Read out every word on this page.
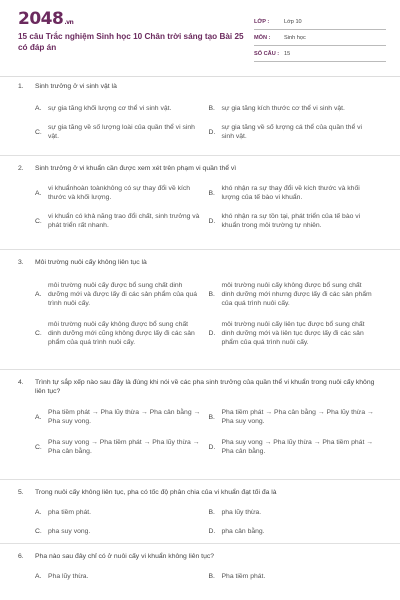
2048.vn
15 câu Trắc nghiệm Sinh học 10 Chân trời sáng tạo Bài 25 có đáp án
LỚP :	Lớp 10
MÔN :	Sinh học
SỐ CÂU : 15
1.	Sinh trưởng ở vi sinh vật là
A. sự gia tăng khối lượng cơ thể vi sinh vật.	B. sự gia tăng kích thước cơ thể vi sinh vật.
C.
sự gia tăng về số lượng loài của quần thể vi sinh vật.
D.
sự gia tăng về số lượng cá thể của quần thể vi sinh vật.
2.	Sinh trưởng ở vi khuẩn cần được xem xét trên phạm vi quần thể vì
A.
vi khuẩnhoàn toànkhông có sự thay đổi về kích thước và khối lượng.
B.
khó nhận ra sự thay đổi về kích thước và khối lượng của tế bào vi khuẩn.
C.
vi khuẩn có khả năng trao đổi chất, sinh trưởng và phát triển rất nhanh.
D.
khó nhận ra sự tồn tại, phát triển của tế bào vi khuẩn trong môi trường tự nhiên.
3.	Môi trường nuôi cấy không liên tục là
A.
môi trường nuôi cấy được bổ sung chất dinh dưỡng mới và được lấy đi các sản phẩm của quá trình nuôi cấy.
B.
môi trường nuôi cấy không được bổ sung chất dinh dưỡng mới nhưng được lấy đi các sản phẩm của quá trình nuôi cấy.
C.
môi trường nuôi cấy không được bổ sung chất dinh dưỡng mới cũng không được lấy đi các sản phẩm của quá trình nuôi cấy.
D.
môi trường nuôi cấy liên tục được bổ sung chất dinh dưỡng mới và liên tục được lấy đi các sản phẩm của quá trình nuôi cấy.
4.	Trình tự sắp xếp nào sau đây là đúng khi nói về các pha sinh trưởng của quần thể vi khuẩn trong nuôi cấy không liên tục?
A.
Pha tiềm phát → Pha lũy thừa → Pha cân bằng → Pha suy vong.
B.
Pha tiềm phát → Pha cân bằng → Pha lũy thừa → Pha suy vong.
C.
Pha suy vong → Pha tiềm phát → Pha lũy thừa → Pha cân bằng.
D.
Pha suy vong → Pha lũy thừa → Pha tiềm phát → Pha cân bằng.
5.	Trong nuôi cấy không liên tục, pha có tốc độ phân chia của vi khuẩn đạt tối đa là
A. pha tiềm phát.	B. pha lũy thừa.
C. pha suy vong.	D. pha cân bằng.
6.	Pha nào sau đây chỉ có ở nuôi cấy vi khuẩn không liên tục?
A. Pha lũy thừa.	B. Pha tiềm phát.
